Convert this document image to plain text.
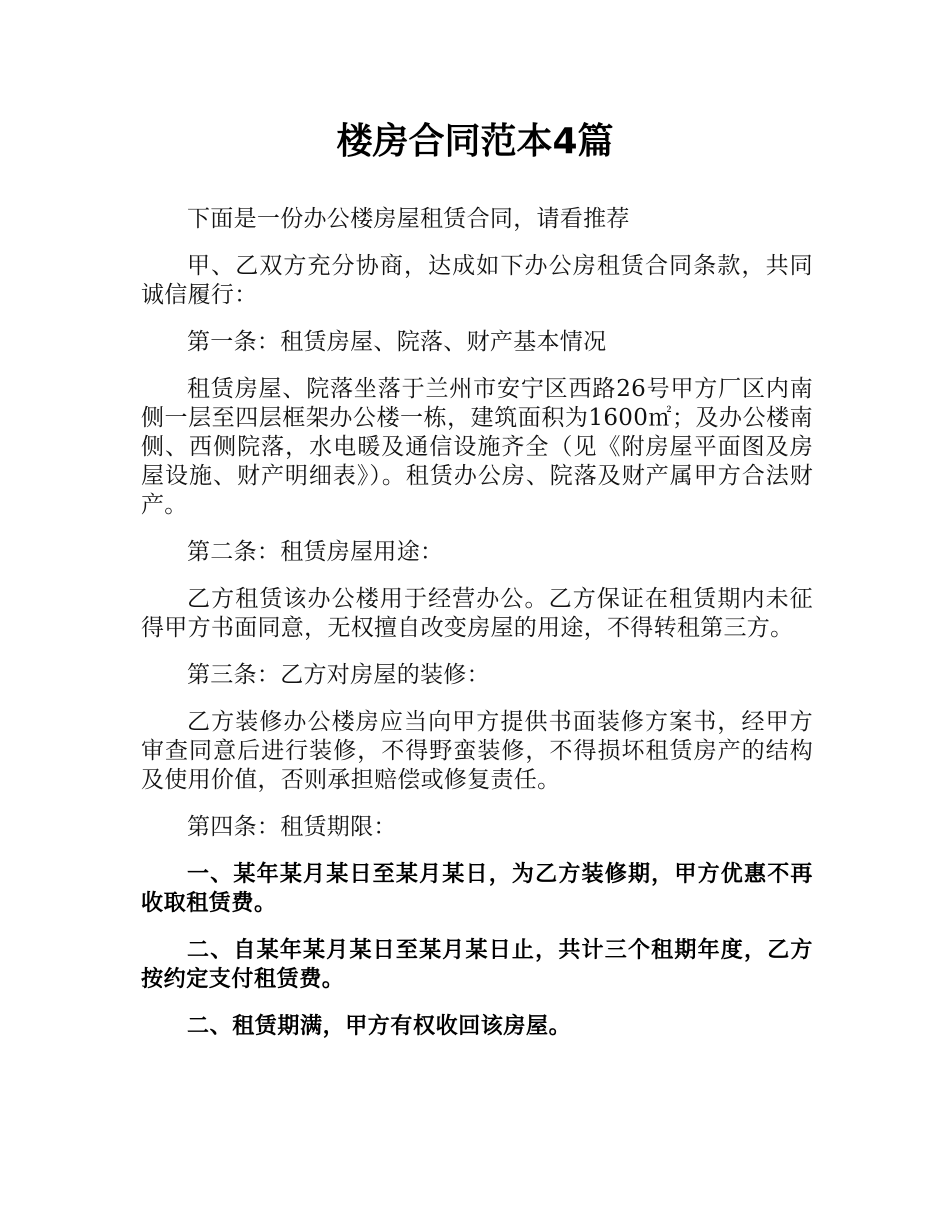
楼房合同范本4篇

下面是一份办公楼房屋租赁合同，请看推荐

甲、乙双方充分协商，达成如下办公房租赁合同条款，共同诚信履行：

第一条：租赁房屋、院落、财产基本情况

租赁房屋、院落坐落于兰州市安宁区西路26号甲方厂区内南侧一层至四层框架办公楼一栋，建筑面积为1600㎡；及办公楼南侧、西侧院落，水电暖及通信设施齐全（见《附房屋平面图及房屋设施、财产明细表》）。租赁办公房、院落及财产属甲方合法财产。

第二条：租赁房屋用途：

乙方租赁该办公楼用于经营办公。乙方保证在租赁期内未征得甲方书面同意，无权擅自改变房屋的用途，不得转租第三方。

第三条：乙方对房屋的装修：

乙方装修办公楼房应当向甲方提供书面装修方案书，经甲方审查同意后进行装修，不得野蛮装修，不得损坏租赁房产的结构及使用价值，否则承担赔偿或修复责任。

第四条：租赁期限：

一、某年某月某日至某月某日，为乙方装修期，甲方优惠不再收取租赁费。

二、自某年某月某日至某月某日止，共计三个租期年度，乙方按约定支付租赁费。

二、租赁期满，甲方有权收回该房屋。
